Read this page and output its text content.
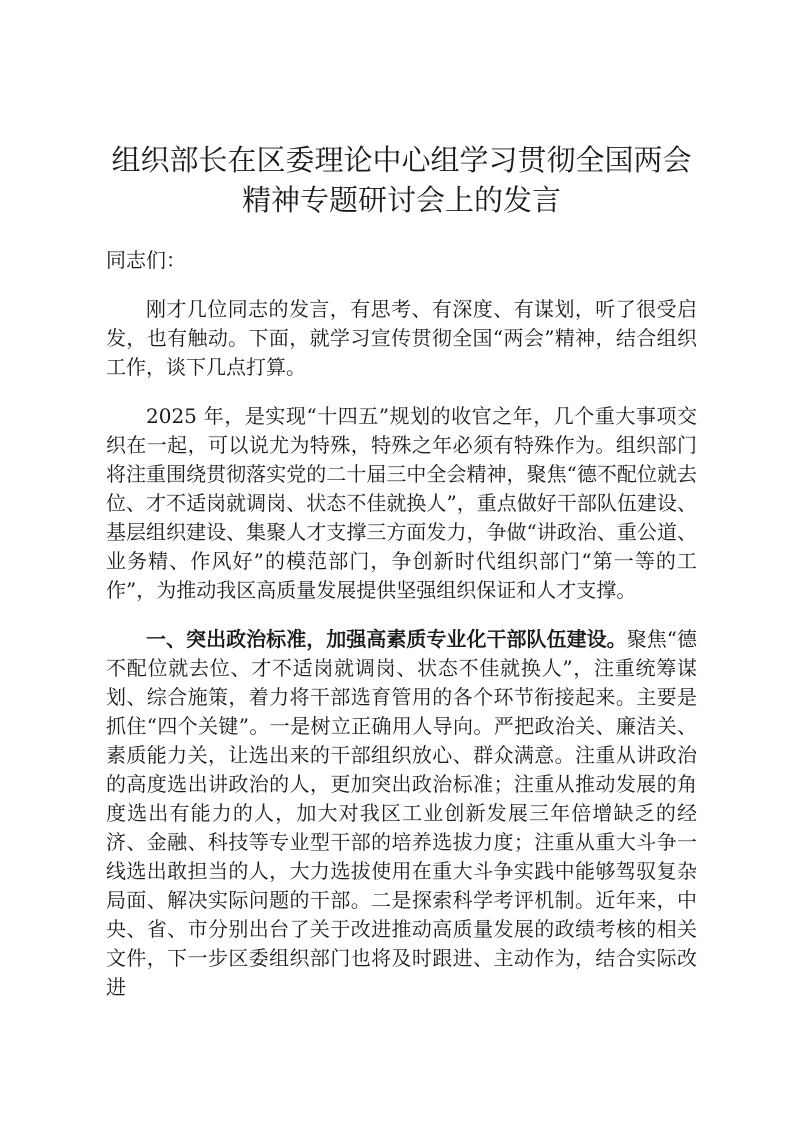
组织部长在区委理论中心组学习贯彻全国两会
精神专题研讨会上的发言

同志们：

刚才几位同志的发言，有思考、有深度、有谋划，听了很受启发，也有触动。下面，就学习宣传贯彻全国“两会”精神，结合组织工作，谈下几点打算。

2025 年，是实现“十四五”规划的收官之年，几个重大事项交织在一起，可以说尤为特殊，特殊之年必须有特殊作为。组织部门将注重围绕贯彻落实党的二十届三中全会精神，聚焦“德不配位就去位、才不适岗就调岗、状态不佳就换人”，重点做好干部队伍建设、基层组织建设、集聚人才支撑三方面发力，争做“讲政治、重公道、业务精、作风好”的模范部门，争创新时代组织部门“第一等的工作”，为推动我区高质量发展提供坚强组织保证和人才支撑。

一、突出政治标准，加强高素质专业化干部队伍建设。聚焦“德不配位就去位、才不适岗就调岗、状态不佳就换人”，注重统筹谋划、综合施策，着力将干部选育管用的各个环节衔接起来。主要是抓住“四个关键”。一是树立正确用人导向。严把政治关、廉洁关、素质能力关，让选出来的干部组织放心、群众满意。注重从讲政治的高度选出讲政治的人，更加突出政治标准；注重从推动发展的角度选出有能力的人，加大对我区工业创新发展三年倍增缺乏的经济、金融、科技等专业型干部的培养选拔力度；注重从重大斗争一线选出敢担当的人，大力选拔使用在重大斗争实践中能够驾驭复杂局面、解决实际问题的干部。二是探索科学考评机制。近年来，中央、省、市分别出台了关于改进推动高质量发展的政绩考核的相关文件，下一步区委组织部门也将及时跟进、主动作为，结合实际改进
